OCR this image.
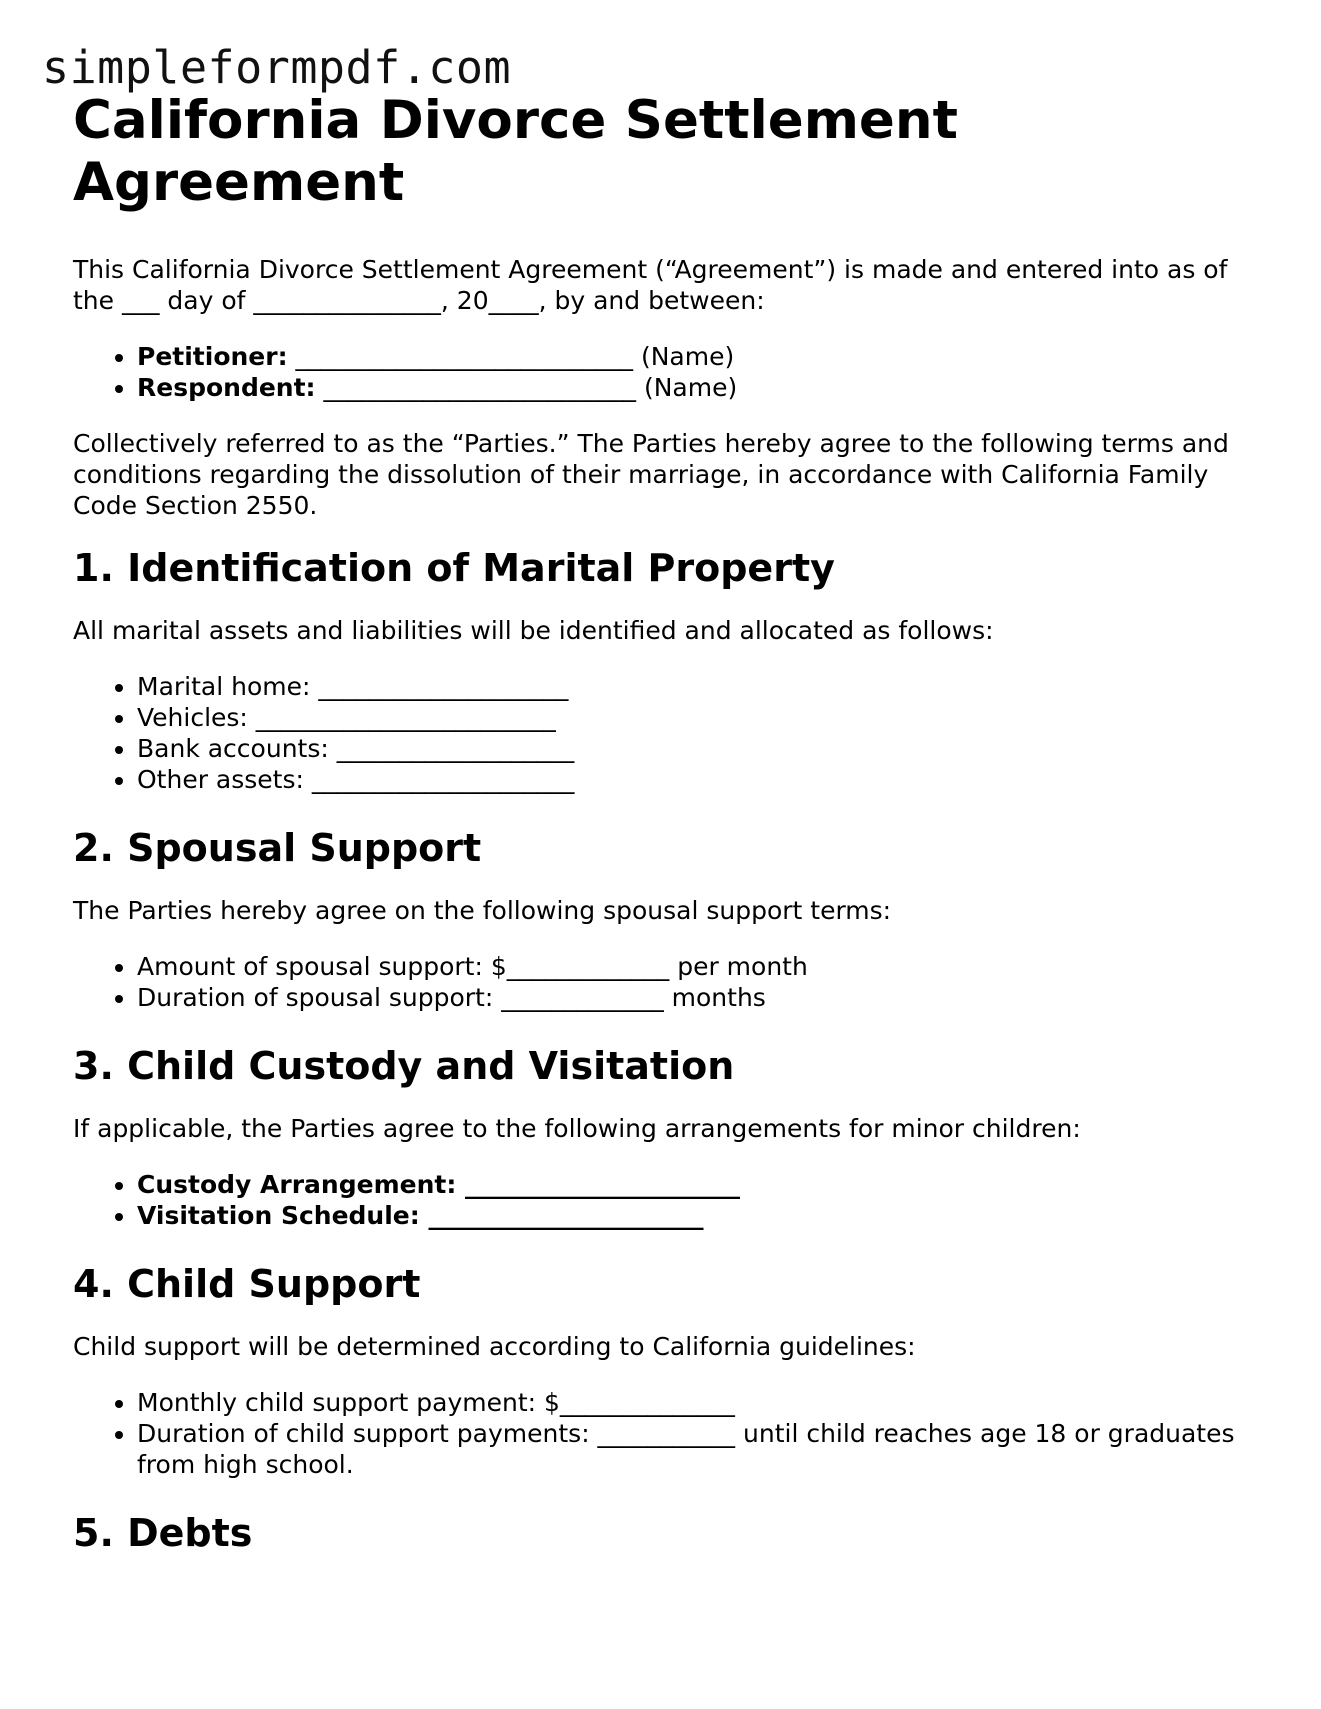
simpleformpdf.com
California Divorce Settlement Agreement

This California Divorce Settlement Agreement (“Agreement”) is made and entered into as of the ___ day of _______________, 20____, by and between:

• Petitioner: ___________________________ (Name)
• Respondent: _________________________ (Name)

Collectively referred to as the “Parties.” The Parties hereby agree to the following terms and conditions regarding the dissolution of their marriage, in accordance with California Family Code Section 2550.

1. Identification of Marital Property

All marital assets and liabilities will be identified and allocated as follows:

• Marital home: ____________________
• Vehicles: ________________________
• Bank accounts: ___________________
• Other assets: _____________________
2. Spousal Support

The Parties hereby agree on the following spousal support terms:

• Amount of spousal support: $_____________ per month
• Duration of spousal support: _____________ months
3. Child Custody and Visitation

If applicable, the Parties agree to the following arrangements for minor children:

• Custody Arrangement: ______________________
• Visitation Schedule: ______________________
4. Child Support

Child support will be determined according to California guidelines:

• Monthly child support payment: $______________
• Duration of child support payments: ___________ until child reaches age 18 or graduates from high school.
5. Debts
